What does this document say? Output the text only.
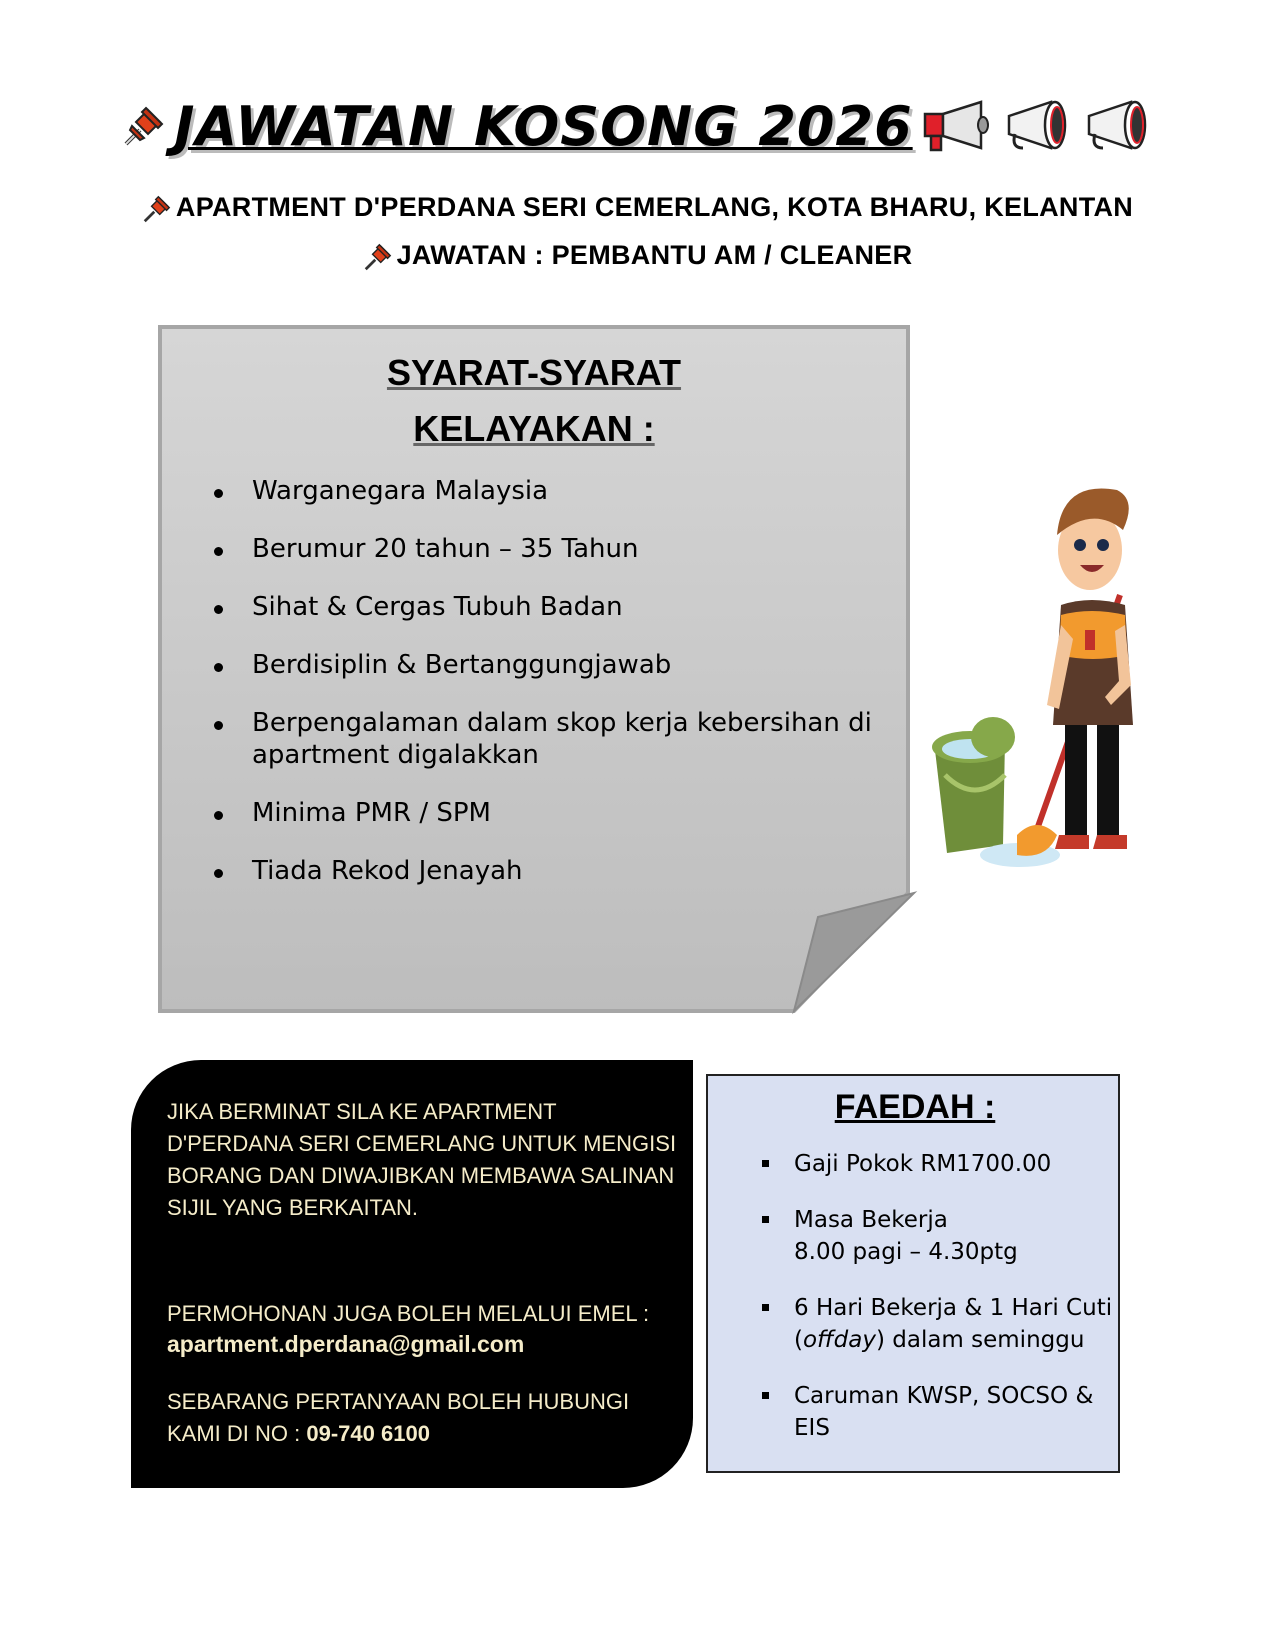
JAWATAN KOSONG 2026
APARTMENT D'PERDANA SERI CEMERLANG, KOTA BHARU, KELANTAN
JAWATAN : PEMBANTU AM / CLEANER
SYARAT-SYARAT
KELAYAKAN :
Warganegara Malaysia
Berumur 20 tahun – 35 Tahun
Sihat & Cergas Tubuh Badan
Berdisiplin & Bertanggungjawab
Berpengalaman dalam skop kerja kebersihan di apartment digalakkan
Minima PMR / SPM
Tiada Rekod Jenayah
JIKA BERMINAT SILA KE APARTMENT D'PERDANA SERI CEMERLANG UNTUK MENGISI BORANG DAN DIWAJIBKAN MEMBAWA SALINAN SIJIL YANG BERKAITAN.
PERMOHONAN JUGA BOLEH MELALUI EMEL :
apartment.dperdana@gmail.com
SEBARANG PERTANYAAN BOLEH HUBUNGI KAMI DI NO : 09-740 6100
FAEDAH :
Gaji Pokok RM1700.00
Masa Bekerja
8.00 pagi – 4.30ptg
6 Hari Bekerja & 1 Hari Cuti
(offday) dalam seminggu
Caruman KWSP, SOCSO & EIS
